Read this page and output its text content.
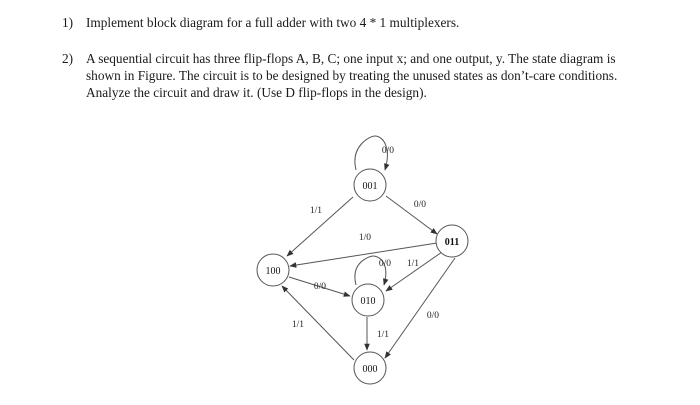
1) Implement block diagram for a full adder with two 4 * 1 multiplexers.
2) A sequential circuit has three flip-flops A, B, C; one input x; and one output, y. The state diagram is
shown in Figure. The circuit is to be designed by treating the unused states as don’t-care conditions.
Analyze the circuit and draw it. (Use D flip-flops in the design).
001
011
100
010
000
0/0
0/0
1/1
1/0
0/0 1/1
0/0
1/1
1/1
0/0
